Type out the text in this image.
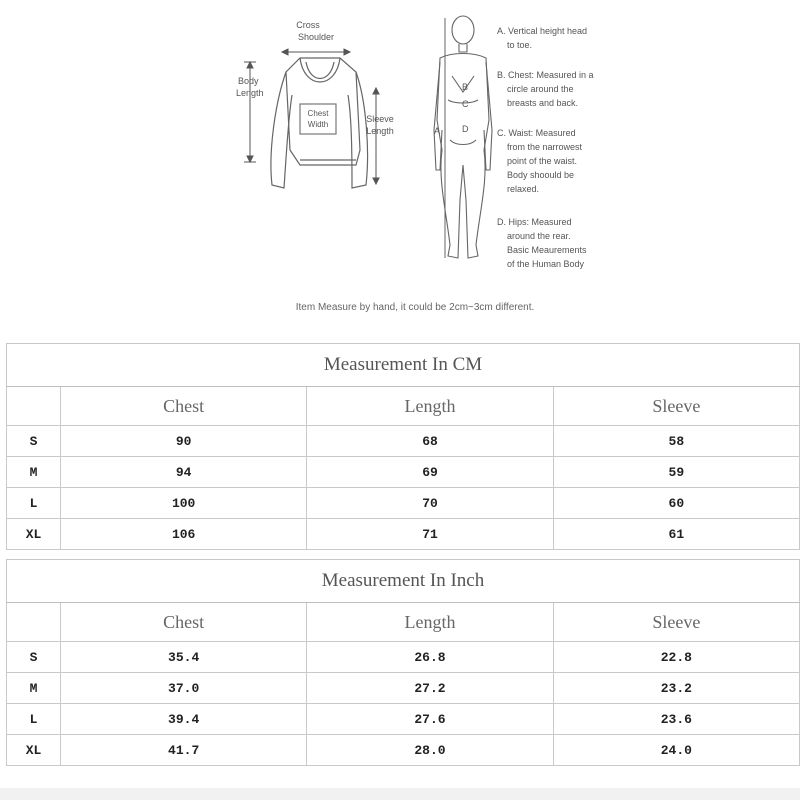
Cross
Shoulder
Body
Length
Chest
Width
Sleeve
Length	A
B
C
D
A. Vertical height head
to toe.
B. Chest: Measured in a
circle around the
breasts and back.
C. Waist: Measured
from the narrowest
point of the waist.
Body shoould be
relaxed.
D. Hips: Measured
around the rear.
Basic Meaurements
of the Human Body
Item Measure by hand, it could be 2cm~3cm different.
Measurement In CM			
	Chest	Length	Sleeve
S	90	68	58
M	94	69	59
L	100	70	60
XL	106	71	61
Measurement In Inch			
	Chest	Length	Sleeve
S	35.4	26.8	22.8
M	37.0	27.2	23.2
L	39.4	27.6	23.6
XL	41.7	28.0	24.0
